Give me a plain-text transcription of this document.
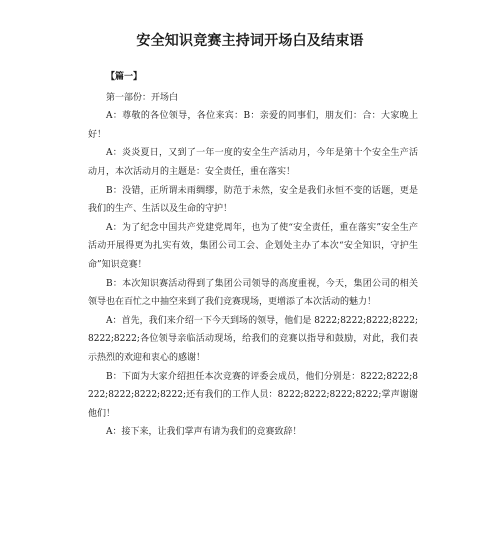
安全知识竞赛主持词开场白及结束语

【篇一】

第一部份：开场白

A：尊敬的各位领导，各位来宾：B：亲爱的同事们，朋友们：合：大家晚上好！

A：炎炎夏日，又到了一年一度的安全生产活动月，今年是第十个安全生产活动月，本次活动月的主题是：安全责任，重在落实！

B：没错，正所谓未雨绸缪，防范于未然，安全是我们永恒不变的话题，更是我们的生产、生活以及生命的守护！

A：为了纪念中国共产党建党周年，也为了使“安全责任，重在落实”安全生产活动开展得更为扎实有效，集团公司工会、企划处主办了本次“安全知识，守护生命”知识竞赛！

B：本次知识赛活动得到了集团公司领导的高度重视，今天，集团公司的相关领导也在百忙之中抽空来到了我们竞赛现场，更增添了本次活动的魅力！

A：首先，我们来介绍一下今天到场的领导，他们是 8222;8222;8222;8222;8222;8222;各位领导亲临活动现场，给我们的竞赛以指导和鼓励，对此，我们表示热烈的欢迎和衷心的感谢！

B：下面为大家介绍担任本次竞赛的评委会成员，他们分别是：8222;8222;8222;8222;8222;8222;还有我们的工作人员：8222;8222;8222;8222;掌声谢谢他们！

A：接下来，让我们掌声有请为我们的竞赛致辞！
